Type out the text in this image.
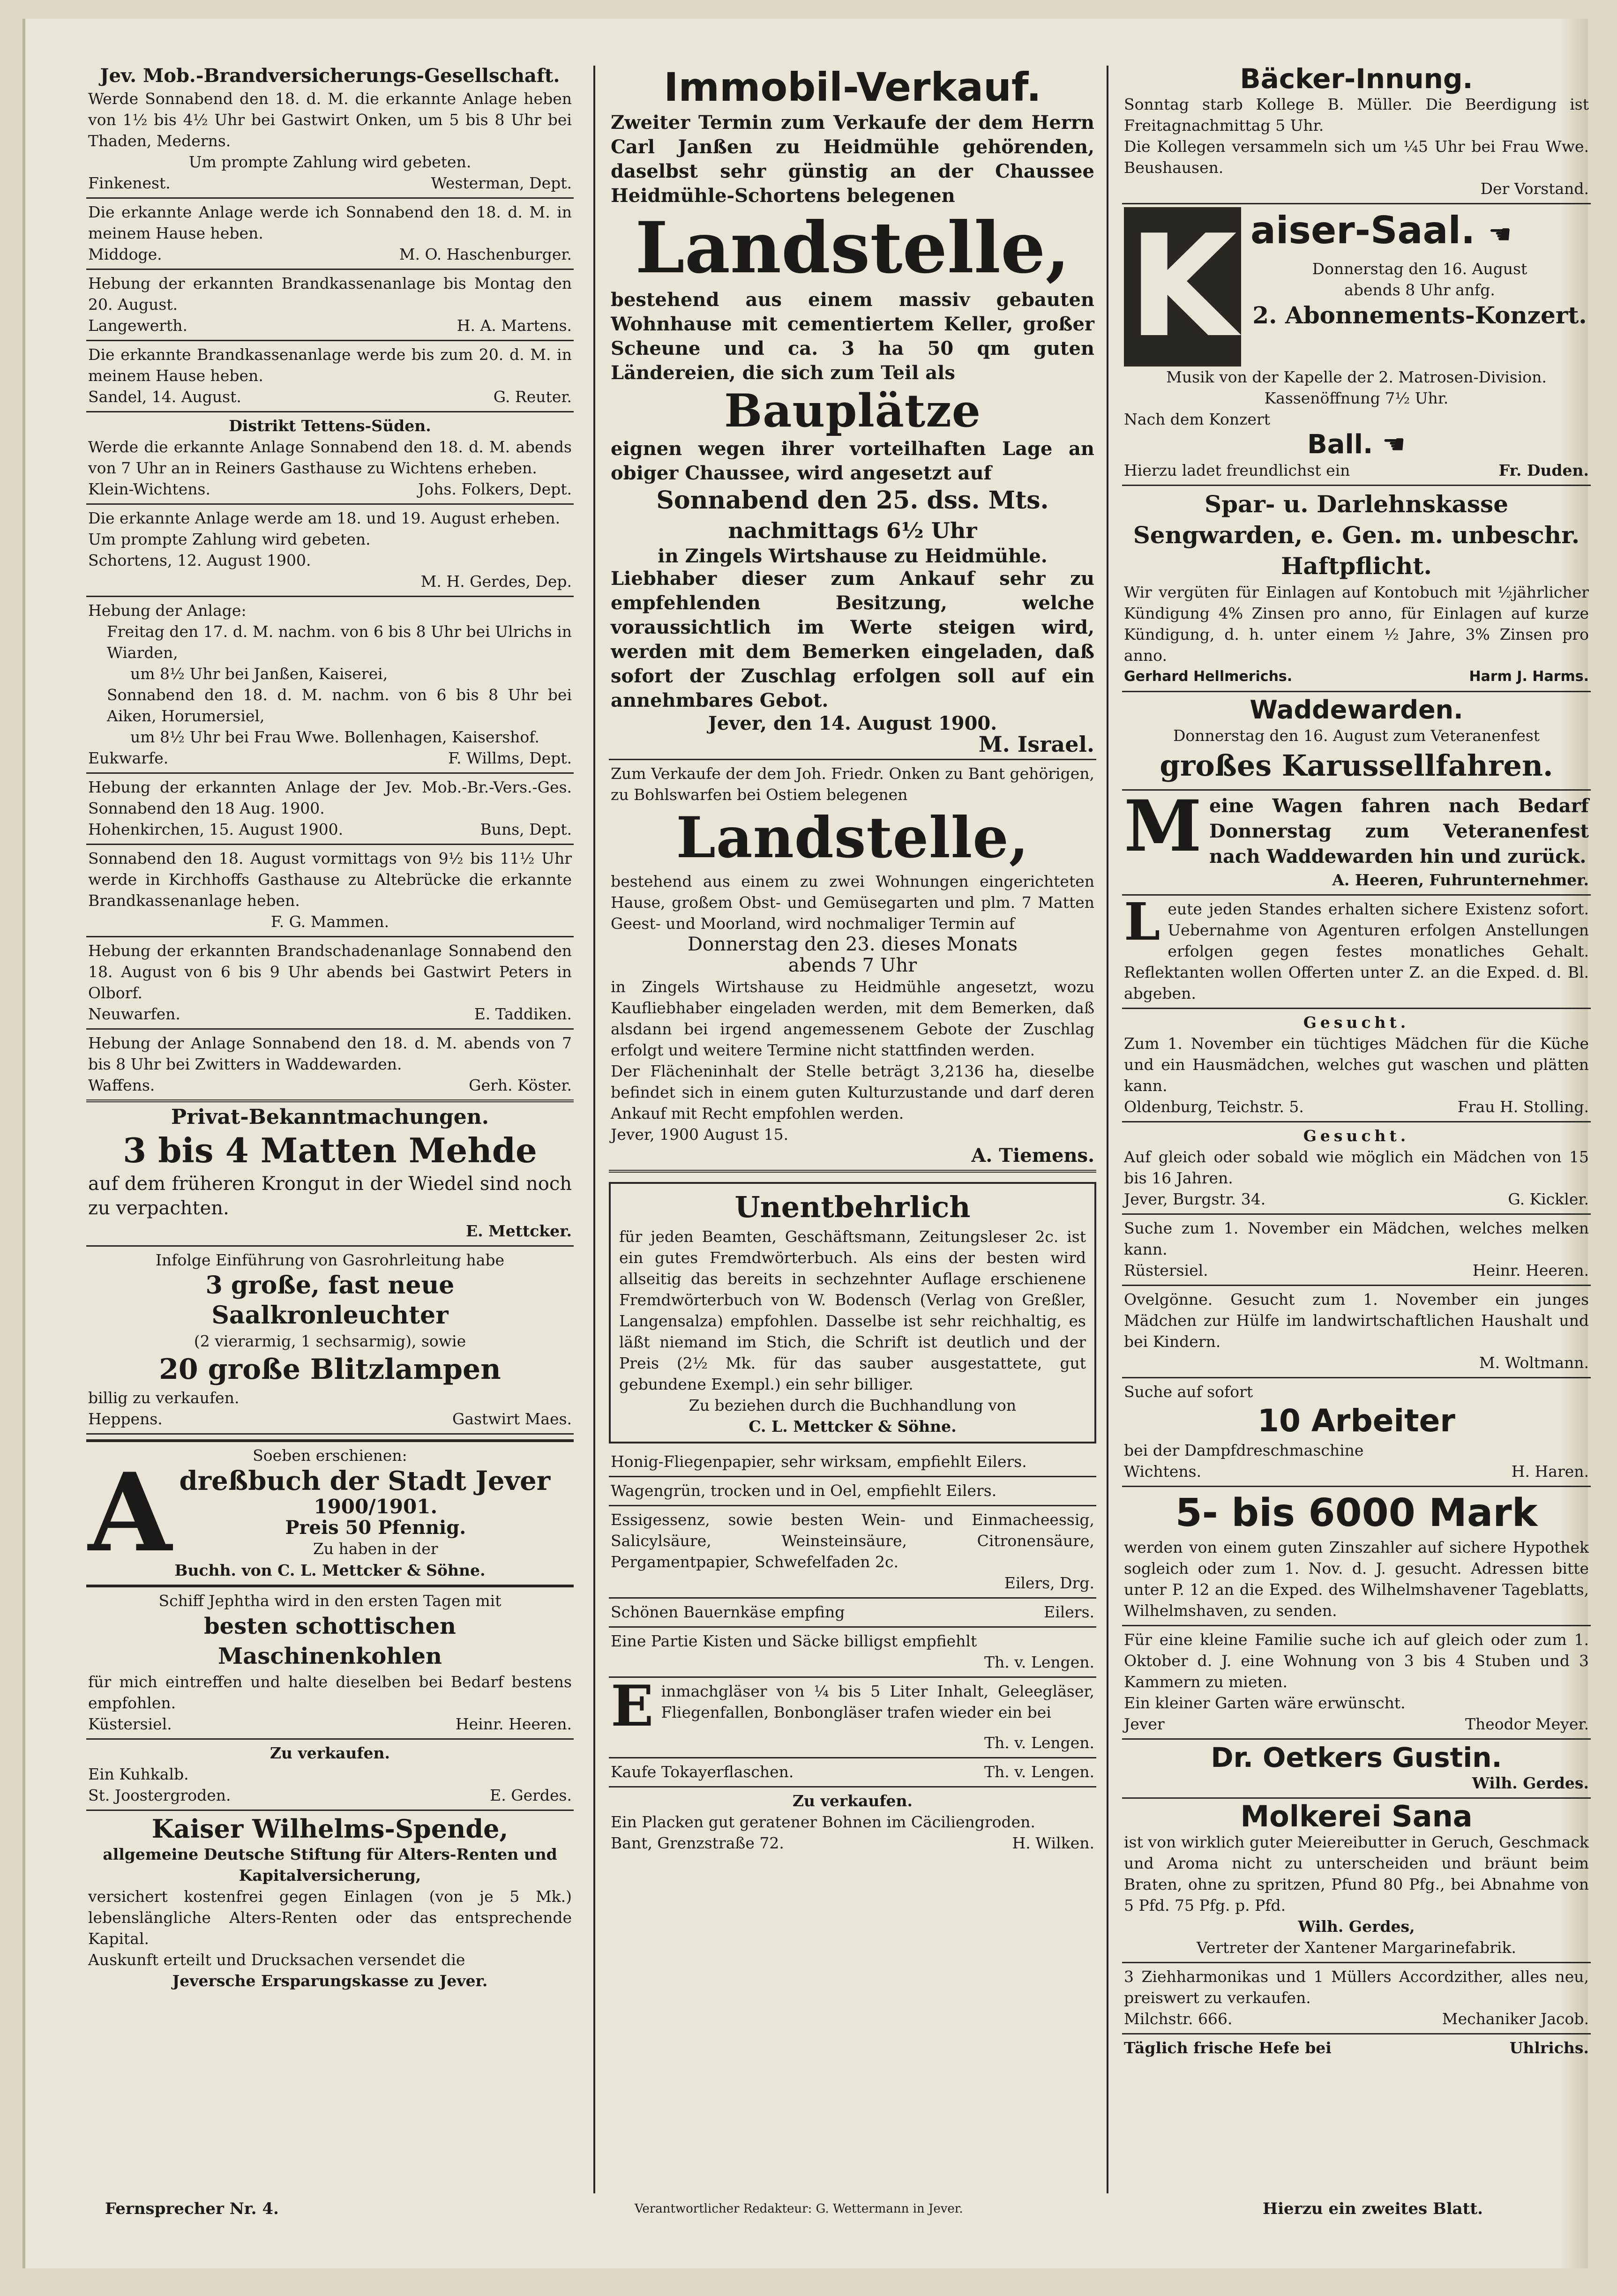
Jev. Mob.-Brandversicherungs-Gesellschaft.
Werde Sonnabend den 18. d. M. die erkannte Anlage heben von 1½ bis 4½ Uhr bei Gastwirt Onken, um 5 bis 8 Uhr bei Thaden, Mederns.
Um prompte Zahlung wird gebeten.
Finkenest.	Westerman, Dept.
Die erkannte Anlage werde ich Sonnabend den 18. d. M. in meinem Hause heben.
Middoge.	M. O. Haschenburger.
Hebung der erkannten Brandkassenanlage bis Montag den 20. August.
Langewerth.	H. A. Martens.
Die erkannte Brandkassenanlage werde bis zum 20. d. M. in meinem Hause heben.
Sandel, 14. August.	G. Reuter.
Distrikt Tettens-Süden.
Werde die erkannte Anlage Sonnabend den 18. d. M. abends von 7 Uhr an in Reiners Gasthause zu Wichtens erheben.
Klein-Wichtens.	Johs. Folkers, Dept.
Die erkannte Anlage werde am 18. und 19. August erheben.
Um prompte Zahlung wird gebeten.
Schortens, 12. August 1900.
M. H. Gerdes, Dep.
Hebung der Anlage:
Freitag den 17. d. M. nachm. von 6 bis 8 Uhr bei Ulrichs in Wiarden,
um 8½ Uhr bei Janßen, Kaiserei,
Sonnabend den 18. d. M. nachm. von 6 bis 8 Uhr bei Aiken, Horumersiel,
um 8½ Uhr bei Frau Wwe. Bollenhagen, Kaisershof.
Eukwarfe.	F. Willms, Dept.
Hebung der erkannten Anlage der Jev. Mob.-Br.-Vers.-Ges. Sonnabend den 18 Aug. 1900.
Hohenkirchen, 15. August 1900.	Buns, Dept.
Sonnabend den 18. August vormittags von 9½ bis 11½ Uhr werde in Kirchhoffs Gasthause zu Altebrücke die erkannte Brandkassenanlage heben.
F. G. Mammen.
Hebung der erkannten Brandschadenanlage Sonnabend den 18. August von 6 bis 9 Uhr abends bei Gastwirt Peters in Olborf.
Neuwarfen.	E. Taddiken.
Hebung der Anlage Sonnabend den 18. d. M. abends von 7 bis 8 Uhr bei Zwitters in Waddewarden.
Waffens.	Gerh. Köster.
Privat-Bekanntmachungen.
3 bis 4 Matten Mehde
auf dem früheren Krongut in der Wiedel sind noch zu verpachten.
E. Mettcker.
Infolge Einführung von Gasrohrleitung habe
3 große, fast neue Saalkronleuchter
(2 vierarmig, 1 sechsarmig), sowie
20 große Blitzlampen
billig zu verkaufen.
Heppens.	Gastwirt Maes.
Soeben erschienen:
A dreßbuch der Stadt Jever
1900/1901.
Preis 50 Pfennig.
Zu haben in der
Buchh. von C. L. Mettcker & Söhne.
Schiff Jephtha wird in den ersten Tagen mit
besten schottischen Maschinenkohlen
für mich eintreffen und halte dieselben bei Bedarf bestens empfohlen.
Küstersiel.	Heinr. Heeren.
Zu verkaufen.
Ein Kuhkalb.
St. Joostergroden.	E. Gerdes.
Kaiser Wilhelms-Spende,
allgemeine Deutsche Stiftung für Alters-Renten und Kapitalversicherung,
versichert kostenfrei gegen Einlagen (von je 5 Mk.) lebenslängliche Alters-Renten oder das entsprechende Kapital.
Auskunft erteilt und Drucksachen versendet die
Jeversche Ersparungskasse zu Jever.
Immobil-Verkauf.
Zweiter Termin zum Verkaufe der dem Herrn Carl Janßen zu Heidmühle gehörenden, daselbst sehr günstig an der Chaussee Heidmühle-Schortens belegenen
Landstelle,
bestehend aus einem massiv gebauten Wohnhause mit cementiertem Keller, großer Scheune und ca. 3 ha 50 qm guten Ländereien, die sich zum Teil als
Bauplätze
eignen wegen ihrer vorteilhaften Lage an obiger Chaussee, wird angesetzt auf
Sonnabend den 25. dss. Mts.
nachmittags 6½ Uhr
in Zingels Wirtshause zu Heidmühle.
Liebhaber dieser zum Ankauf sehr zu empfehlenden Besitzung, welche voraussichtlich im Werte steigen wird, werden mit dem Bemerken eingeladen, daß sofort der Zuschlag erfolgen soll auf ein annehmbares Gebot.
Jever, den 14. August 1900.
M. Israel.
Zum Verkaufe der dem Joh. Friedr. Onken zu Bant gehörigen, zu Bohlswarfen bei Ostiem belegenen
Landstelle,
bestehend aus einem zu zwei Wohnungen eingerichteten Hause, großem Obst- und Gemüsegarten und plm. 7 Matten Geest- und Moorland, wird nochmaliger Termin auf
Donnerstag den 23. dieses Monats
abends 7 Uhr
in Zingels Wirtshause zu Heidmühle angesetzt, wozu Kaufliebhaber eingeladen werden, mit dem Bemerken, daß alsdann bei irgend angemessenem Gebote der Zuschlag erfolgt und weitere Termine nicht stattfinden werden.
Der Flächeninhalt der Stelle beträgt 3,2136 ha, dieselbe befindet sich in einem guten Kulturzustande und darf deren Ankauf mit Recht empfohlen werden.
Jever, 1900 August 15.
A. Tiemens.
Unentbehrlich
für jeden Beamten, Geschäftsmann, Zeitungsleser 2c. ist ein gutes Fremdwörterbuch. Als eins der besten wird allseitig das bereits in sechzehnter Auflage erschienene Fremdwörterbuch von W. Bodensch (Verlag von Greßler, Langensalza) empfohlen. Dasselbe ist sehr reichhaltig, es läßt niemand im Stich, die Schrift ist deutlich und der Preis (2½ Mk. für das sauber ausgestattete, gut gebundene Exempl.) ein sehr billiger.
Zu beziehen durch die Buchhandlung von
C. L. Mettcker & Söhne.
Honig-Fliegenpapier, sehr wirksam, empfiehlt Eilers.
Wagengrün, trocken und in Oel, empfiehlt Eilers.
Essigessenz, sowie besten Wein- und Einmacheessig, Salicylsäure, Weinsteinsäure, Citronensäure, Pergamentpapier, Schwefelfaden 2c.
Eilers, Drg.
Schönen Bauernkäse empfing	Eilers.
Eine Partie Kisten und Säcke billigst empfiehlt
Th. v. Lengen.
E inmachgläser von ¼ bis 5 Liter Inhalt, Geleegläser, Fliegenfallen, Bonbongläser trafen wieder ein bei
Th. v. Lengen.
Kaufe Tokayerflaschen.	Th. v. Lengen.
Zu verkaufen.
Ein Placken gut geratener Bohnen im Cäciliengroden.
Bant, Grenzstraße 72.	H. Wilken.
Bäcker-Innung.
Sonntag starb Kollege B. Müller. Die Beerdigung ist Freitagnachmittag 5 Uhr.
Die Kollegen versammeln sich um ¼5 Uhr bei Frau Wwe. Beushausen.
Der Vorstand.
K aiser-Saal. ☚
Donnerstag den 16. August
abends 8 Uhr anfg.
2. Abonnements-Konzert.
Musik von der Kapelle der 2. Matrosen-Division.
Kassenöffnung 7½ Uhr.
Nach dem Konzert
Ball. ☚
Hierzu ladet freundlichst ein	Fr. Duden.
Spar- u. Darlehnskasse Sengwarden, e. Gen. m. unbeschr. Haftpflicht.
Wir vergüten für Einlagen auf Kontobuch mit ½jährlicher Kündigung 4% Zinsen pro anno, für Einlagen auf kurze Kündigung, d. h. unter einem ½ Jahre, 3% Zinsen pro anno.
Gerhard Hellmerichs.	Harm J. Harms.
Waddewarden.
Donnerstag den 16. August zum Veteranenfest
großes Karussellfahren.
M eine Wagen fahren nach Bedarf Donnerstag zum Veteranenfest nach Waddewarden hin und zurück.
A. Heeren, Fuhrunternehmer.
L eute jeden Standes erhalten sichere Existenz sofort. Uebernahme von Agenturen erfolgen Anstellungen erfolgen gegen festes monatliches Gehalt. Reflektanten wollen Offerten unter Z. an die Exped. d. Bl. abgeben.
Gesucht.
Zum 1. November ein tüchtiges Mädchen für die Küche und ein Hausmädchen, welches gut waschen und plätten kann.
Oldenburg, Teichstr. 5.	Frau H. Stolling.
Gesucht.
Auf gleich oder sobald wie möglich ein Mädchen von 15 bis 16 Jahren.
Jever, Burgstr. 34.	G. Kickler.
Suche zum 1. November ein Mädchen, welches melken kann.
Rüstersiel.	Heinr. Heeren.
Ovelgönne. Gesucht zum 1. November ein junges Mädchen zur Hülfe im landwirtschaftlichen Haushalt und bei Kindern.
M. Woltmann.
Suche auf sofort
10 Arbeiter
bei der Dampfdreschmaschine
Wichtens.	H. Haren.
5- bis 6000 Mark
werden von einem guten Zinszahler auf sichere Hypothek sogleich oder zum 1. Nov. d. J. gesucht. Adressen bitte unter P. 12 an die Exped. des Wilhelmshavener Tageblatts, Wilhelmshaven, zu senden.
Für eine kleine Familie suche ich auf gleich oder zum 1. Oktober d. J. eine Wohnung von 3 bis 4 Stuben und 3 Kammern zu mieten.
Ein kleiner Garten wäre erwünscht.
Jever	Theodor Meyer.
Dr. Oetkers Gustin.
Wilh. Gerdes.
Molkerei Sana
ist von wirklich guter Meiereibutter in Geruch, Geschmack und Aroma nicht zu unterscheiden und bräunt beim Braten, ohne zu spritzen, Pfund 80 Pfg., bei Abnahme von 5 Pfd. 75 Pfg. p. Pfd.
Wilh. Gerdes,
Vertreter der Xantener Margarinefabrik.
3 Ziehharmonikas und 1 Müllers Accordzither, alles neu, preiswert zu verkaufen.
Milchstr. 666.	Mechaniker Jacob.
Täglich frische Hefe bei	Uhlrichs.
Fernsprecher Nr. 4.	Verantwortlicher Redakteur: G. Wettermann in Jever.	Hierzu ein zweites Blatt.
